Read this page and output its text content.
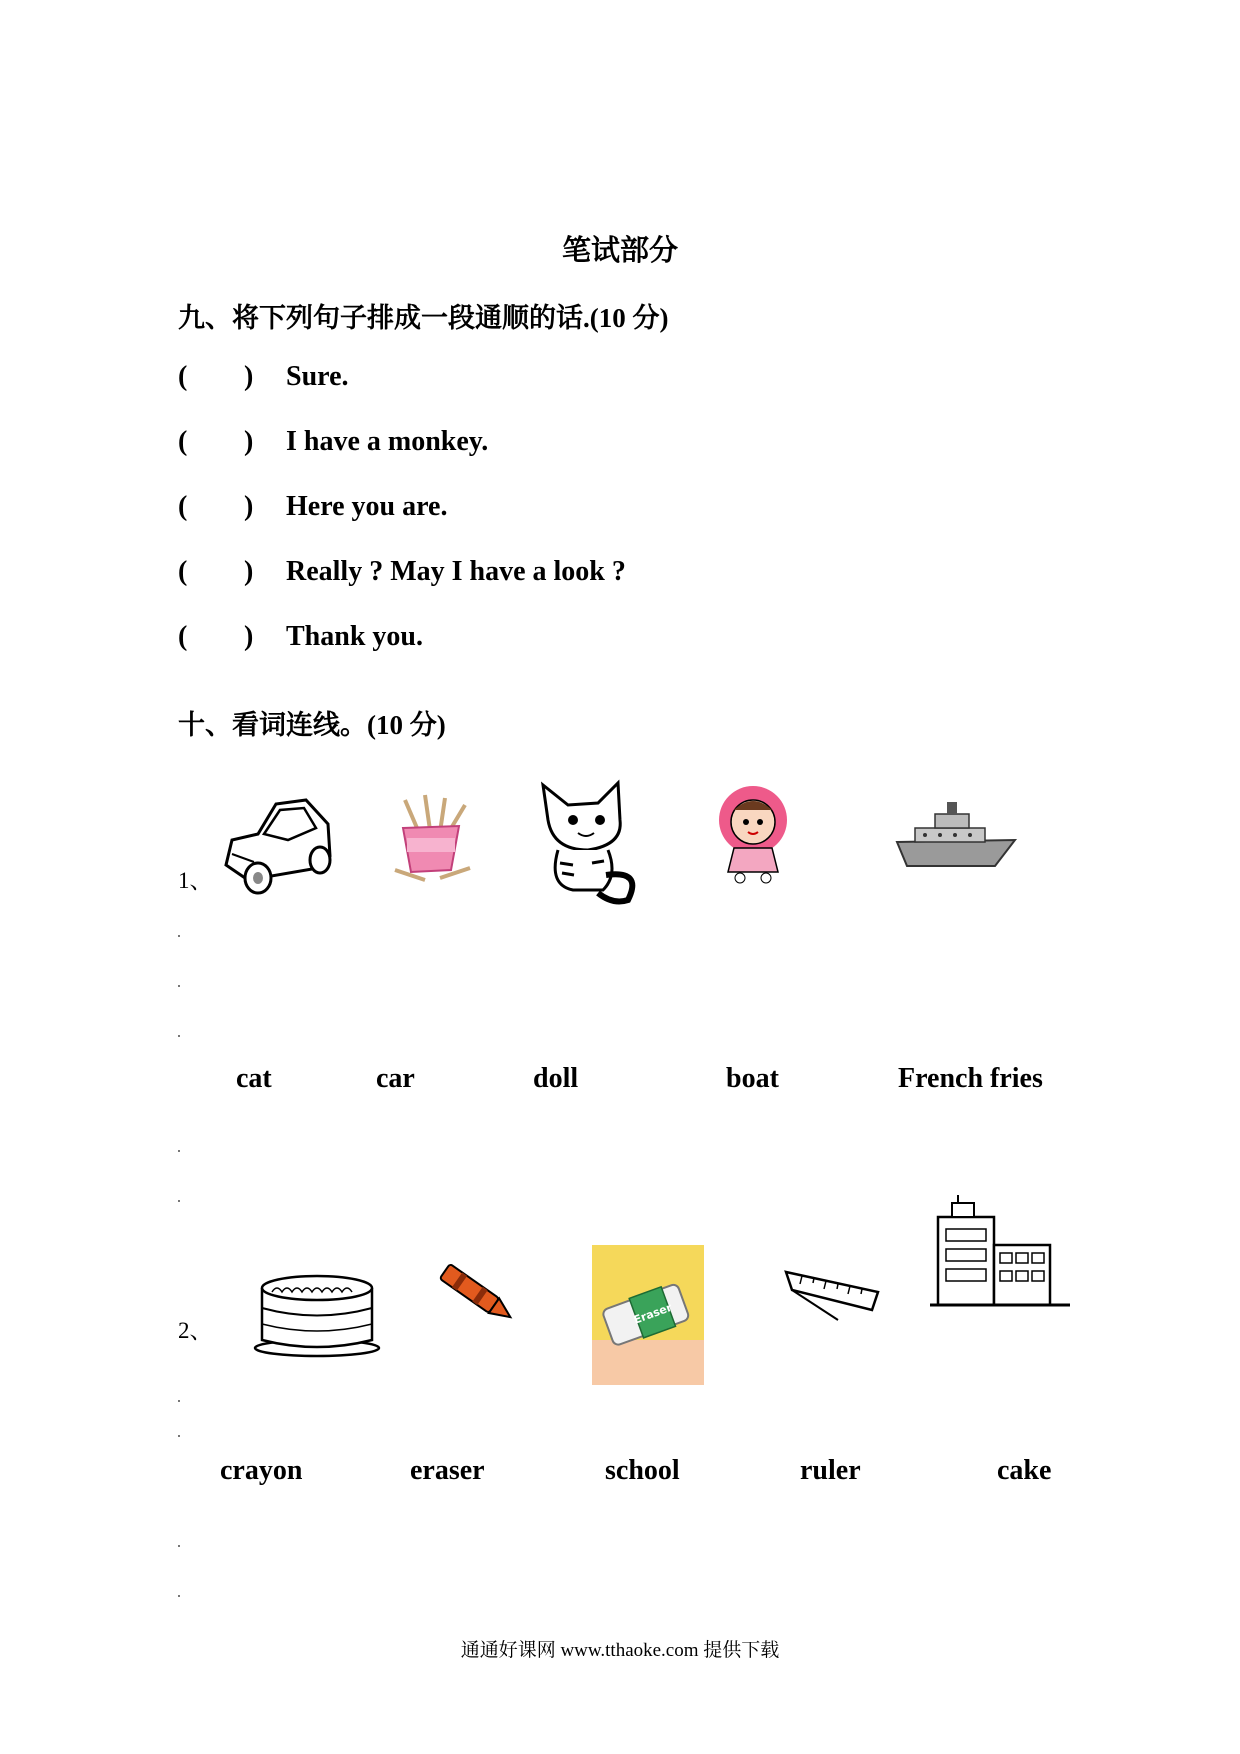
笔试部分
九、将下列句子排成一段通顺的话.(10 分)
( ) Sure.
( ) I have a monkey.
( ) Here you are.
( ) Really ? May I have a look ?
( ) Thank you.
十、看词连线。(10 分)
1、
cat	car	doll	boat	French fries
2、
Eraser
crayon	eraser	school	ruler	cake
通通好课网 www.tthaoke.com 提供下载
